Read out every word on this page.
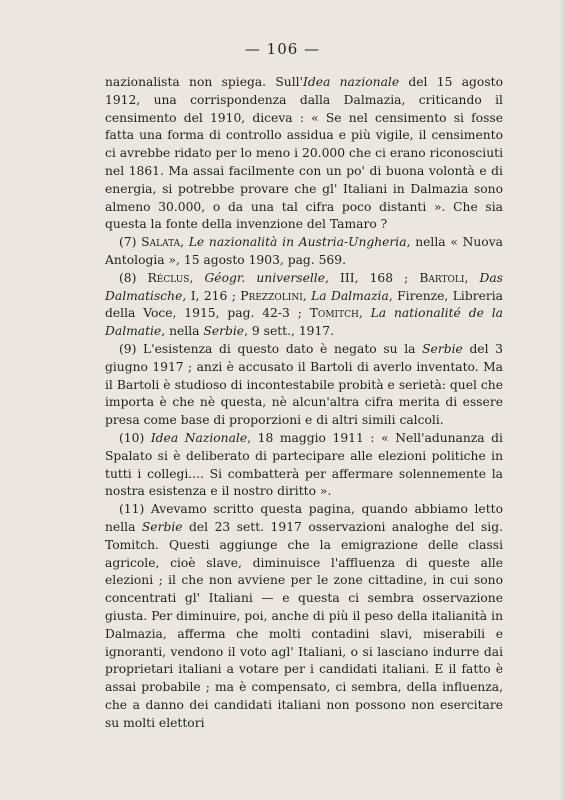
— 106 —

nazionalista non spiega. Sull'Idea nazionale del 15 agosto 1912, una corrispondenza dalla Dalmazia, criticando il censimento del 1910, diceva : « Se nel censimento si fosse fatta una forma di controllo assidua e più vigile, il censimento ci avrebbe ridato per lo meno i 20.000 che ci erano riconosciuti nel 1861. Ma assai facilmente con un po' di buona volontà e di energia, si potrebbe provare che gl' Italiani in Dalmazia sono almeno 30.000, o da una tal cifra poco distanti ». Che sia questa la fonte della invenzione del Tamaro ?

(7) Salata, Le nazionalità in Austria-Ungheria, nella « Nuova Antologia », 15 agosto 1903, pag. 569.

(8) Réclus, Géogr. universelle, III, 168 ; Bartoli, Das Dalmatische, I, 216 ; Prezzolini, La Dalmazia, Firenze, Libreria della Voce, 1915, pag. 42-3 ; Tomitch, La nationalité de la Dalmatie, nella Serbie, 9 sett., 1917.

(9) L'esistenza di questo dato è negato su la Serbie del 3 giugno 1917 ; anzi è accusato il Bartoli di averlo inventato. Ma il Bartoli è studioso di incontestabile probità e serietà: quel che importa è che nè questa, nè alcun'altra cifra merita di essere presa come base di proporzioni e di altri simili calcoli.

(10) Idea Nazionale, 18 maggio 1911 : « Nell'adunanza di Spalato si è deliberato di partecipare alle elezioni politiche in tutti i collegi.... Si combatterà per affermare solennemente la nostra esistenza e il nostro diritto ».

(11) Avevamo scritto questa pagina, quando abbiamo letto nella Serbie del 23 sett. 1917 osservazioni analoghe del sig. Tomitch. Questi aggiunge che la emigrazione delle classi agricole, cioè slave, diminuisce l'affluenza di queste alle elezioni ; il che non avviene per le zone cittadine, in cui sono concentrati gl' Italiani — e questa ci sembra osservazione giusta. Per diminuire, poi, anche di più il peso della italianità in Dalmazia, afferma che molti contadini slavi, miserabili e ignoranti, vendono il voto agl' Italiani, o si lasciano indurre dai proprietari italiani a votare per i candidati italiani. E il fatto è assai probabile ; ma è compensato, ci sembra, della influenza, che a danno dei candidati italiani non possono non esercitare su molti elettori
